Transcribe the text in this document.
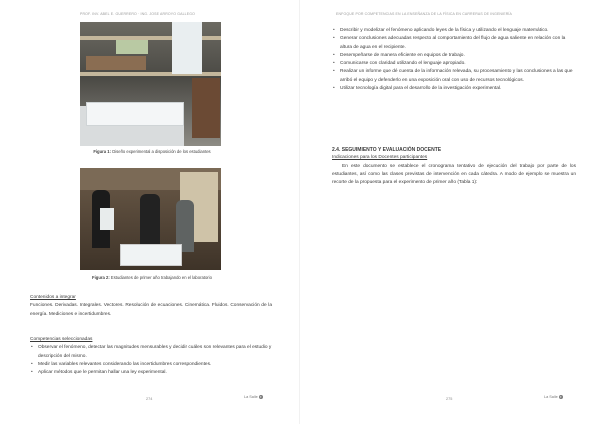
PROF. INV. ABEL E. GUERRERO · ING. JOSE ARROYO GALLEGO
Figura 1: Diseño experimental a disposición de los estudiantes
Figura 2: Estudiantes de primer año trabajando en el laboratorio
Contenidos a integrar
Funciones. Derivadas. Integrales. Vectores. Resolución de ecuaciones. Cinemática. Fluidos. Conservación de la energía. Mediciones e incertidumbres.
Competencias seleccionadas
• Observar el fenómeno, detectar las magnitudes mensurables y decidir cuáles son relevantes para el estudio y descripción del mismo.
• Medir las variables relevantes considerando las incertidumbres correspondientes.
• Aplicar métodos que le permitan hallar una ley experimental.
274	La Salle ✦
ENFOQUE POR COMPETENCIAS EN LA ENSEÑANZA DE LA FÍSICA EN CARRERAS DE INGENIERÍA
• Describir y modelizar el fenómeno aplicando leyes de la física y utilizando el lenguaje matemático.
• Generar conclusiones adecuadas respecto al comportamiento del flujo de agua saliente en relación con la altura de agua en el recipiente.
• Desempeñarse de manera eficiente en equipos de trabajo.
• Comunicarse con claridad utilizando el lenguaje apropiado.
• Realizar un informe que dé cuenta de la información relevada, su procesamiento y las conclusiones a las que arribó el equipo y defenderlo en una exposición oral con uso de recursos tecnológicos.
• Utilizar tecnología digital para el desarrollo de la investigación experimental.
2.4. SEGUIMIENTO Y EVALUACIÓN DOCENTE
Indicaciones para los Docentes participantes
En este documento se establece el cronograma tentativo de ejecución del trabajo por parte de los estudiantes, así como las clases previstas de intervención en cada cátedra. A modo de ejemplo se muestra un recorte de la propuesta para el experimento de primer año (Tabla 1):
275	La Salle ✦
